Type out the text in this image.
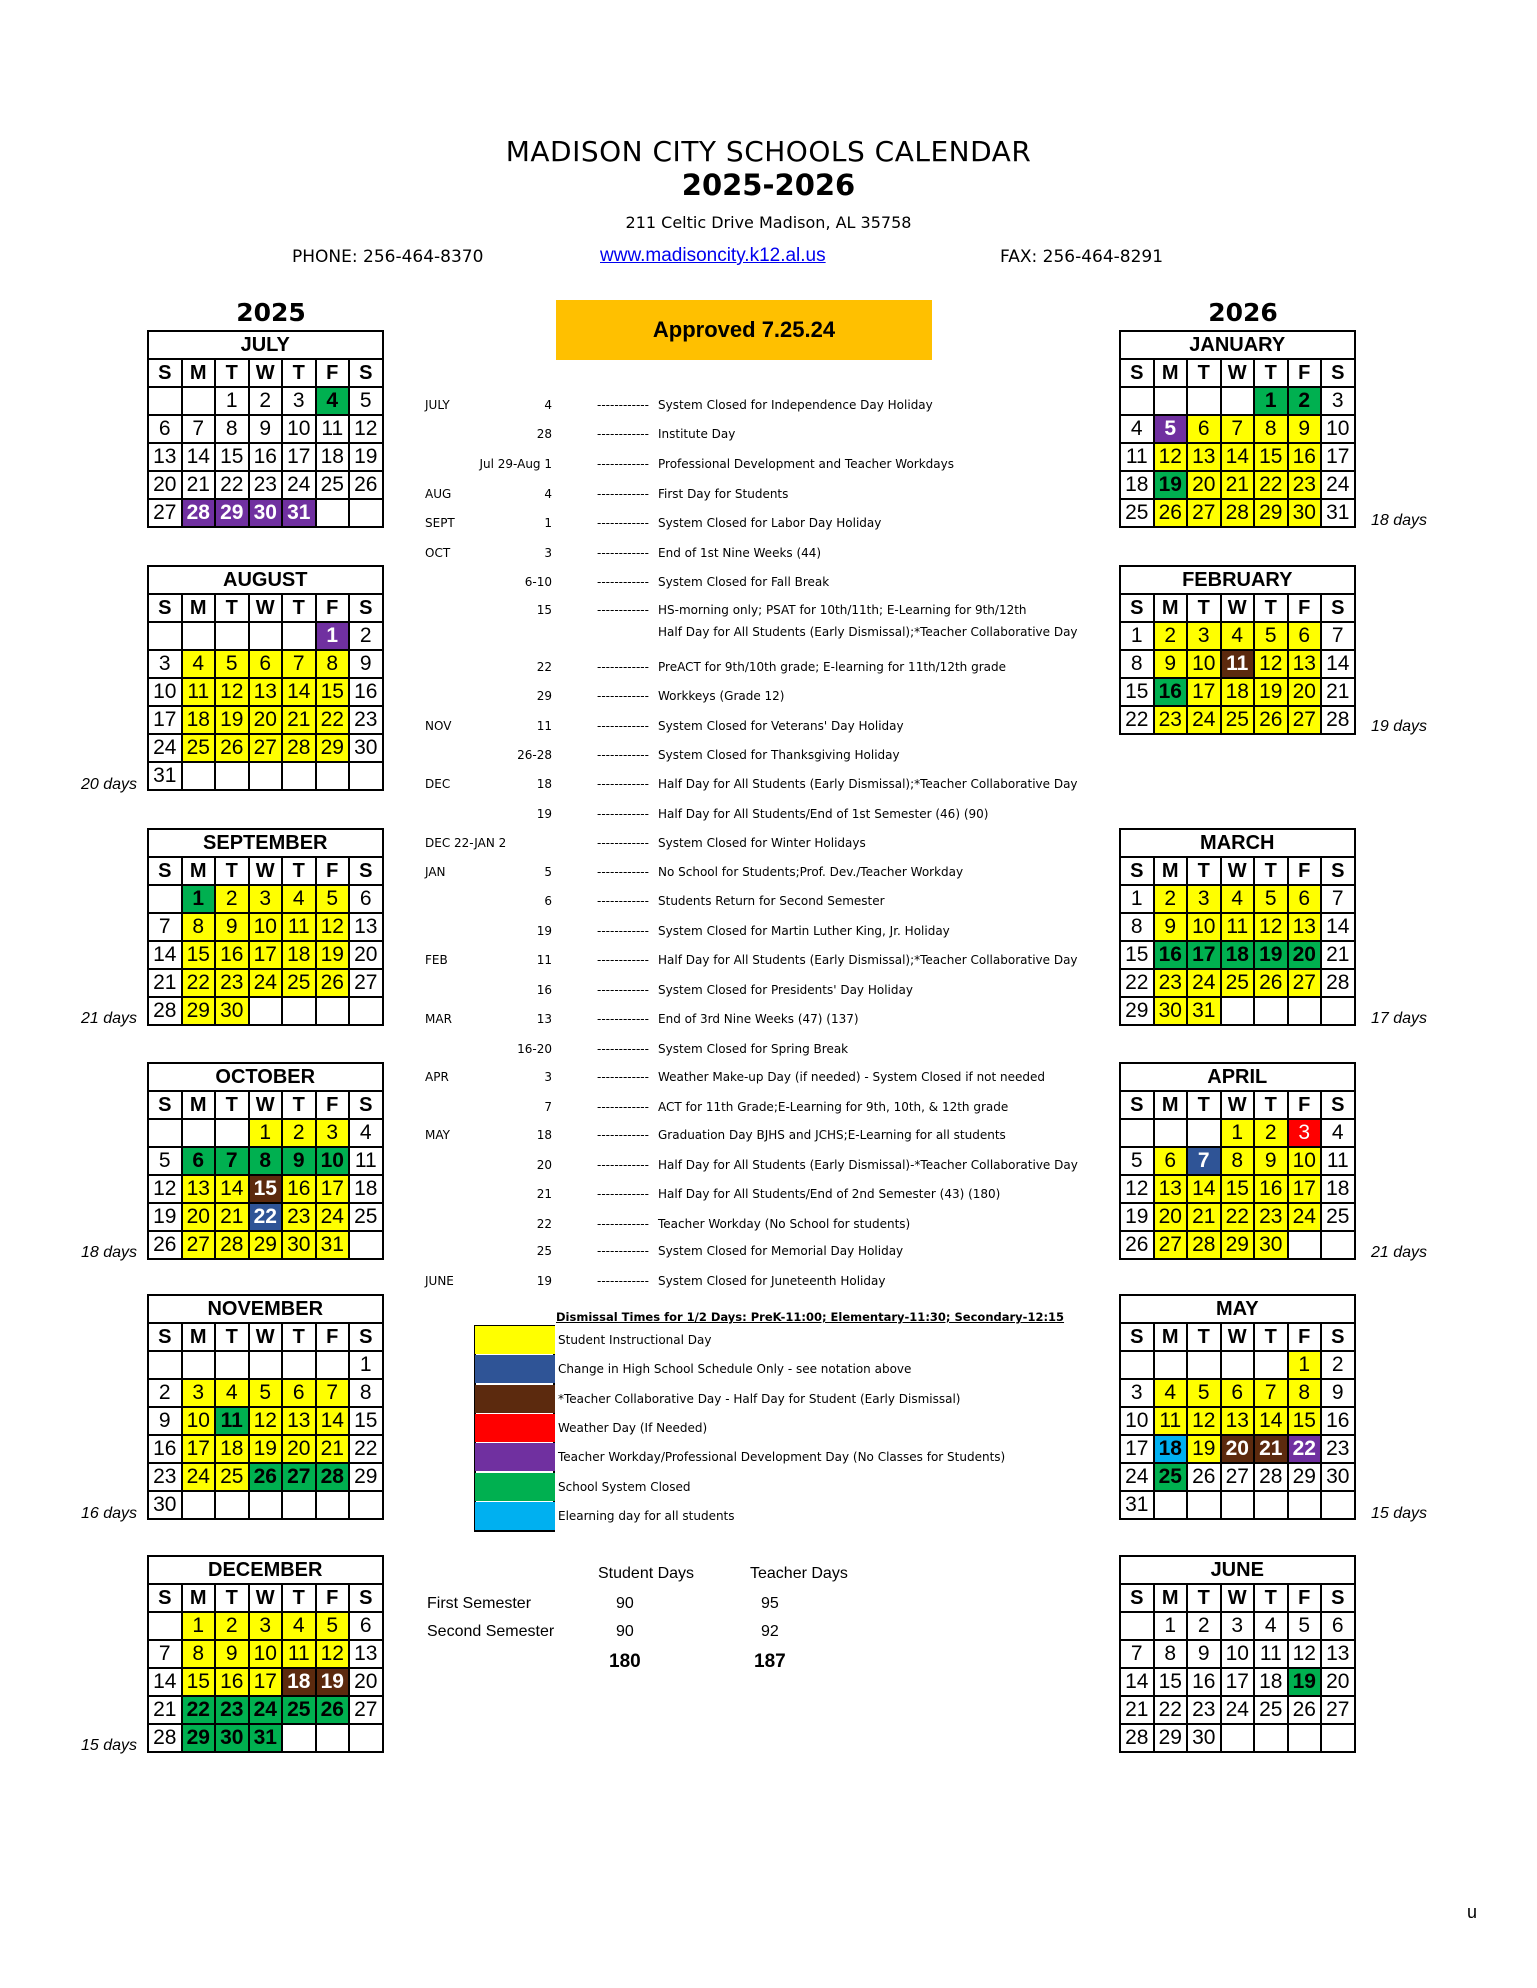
MADISON CITY SCHOOLS CALENDAR
2025-2026
211 Celtic Drive Madison, AL 35758
PHONE: 256-464-8370	www.madisoncity.k12.al.us	FAX: 256-464-8291
2025	2026
Approved 7.25.24
JULY						
S	M	T	W	T	F	S
		1	2	3	4	5
6	7	8	9	10	11	12
13	14	15	16	17	18	19
20	21	22	23	24	25	26
27	28	29	30	31		
AUGUST						
S	M	T	W	T	F	S
					1	2
3	4	5	6	7	8	9
10	11	12	13	14	15	16
17	18	19	20	21	22	23
24	25	26	27	28	29	30
31						
20 days
SEPTEMBER						
S	M	T	W	T	F	S
	1	2	3	4	5	6
7	8	9	10	11	12	13
14	15	16	17	18	19	20
21	22	23	24	25	26	27
28	29	30				
21 days
OCTOBER						
S	M	T	W	T	F	S
			1	2	3	4
5	6	7	8	9	10	11
12	13	14	15	16	17	18
19	20	21	22	23	24	25
26	27	28	29	30	31	
18 days
NOVEMBER						
S	M	T	W	T	F	S
						1
2	3	4	5	6	7	8
9	10	11	12	13	14	15
16	17	18	19	20	21	22
23	24	25	26	27	28	29
30						
16 days
DECEMBER						
S	M	T	W	T	F	S
	1	2	3	4	5	6
7	8	9	10	11	12	13
14	15	16	17	18	19	20
21	22	23	24	25	26	27
28	29	30	31			
15 days
JANUARY						
S	M	T	W	T	F	S
				1	2	3
4	5	6	7	8	9	10
11	12	13	14	15	16	17
18	19	20	21	22	23	24
25	26	27	28	29	30	31 18 days
FEBRUARY						
S	M	T	W	T	F	S
1	2	3	4	5	6	7
8	9	10	11	12	13	14
15	16	17	18	19	20	21
22	23	24	25	26	27	28 19 days
MARCH						
S	M	T	W	T	F	S
1	2	3	4	5	6	7
8	9	10	11	12	13	14
15	16	17	18	19	20	21
22	23	24	25	26	27	28
29	30	31					17 days
APRIL						
S	M	T	W	T	F	S
			1	2	3	4
5	6	7	8	9	10	11
12	13	14	15	16	17	18
19	20	21	22	23	24	25
26	27	28	29	30			21 days
MAY						
S	M	T	W	T	F	S
					1	2
3	4	5	6	7	8	9
10	11	12	13	14	15	16
17	18	19	20	21	22	23
24	25	26	27	28	29	30
31							15 days
JUNE						
S	M	T	W	T	F	S
	1	2	3	4	5	6
7	8	9	10	11	12	13
14	15	16	17	18	19	20
21	22	23	24	25	26	27
28	29	30				
JULY	4	------------ System Closed for Independence Day Holiday
28	------------ Institute Day
Jul 29-Aug 1	------------ Professional Development and Teacher Workdays
AUG	4	------------ First Day for Students
SEPT	1	------------ System Closed for Labor Day Holiday
OCT	3	------------ End of 1st Nine Weeks (44)
6-10	------------ System Closed for Fall Break
15	------------ HS-morning only; PSAT for 10th/11th; E-Learning for 9th/12th
Half Day for All Students (Early Dismissal);*Teacher Collaborative Day
22	------------ PreACT for 9th/10th grade; E-learning for 11th/12th grade
29	------------ Workkeys (Grade 12)
NOV	11	------------ System Closed for Veterans' Day Holiday
26-28	------------ System Closed for Thanksgiving Holiday
DEC	18	------------ Half Day for All Students (Early Dismissal);*Teacher Collaborative Day
19	------------ Half Day for All Students/End of 1st Semester (46) (90)
DEC 22-JAN 2	------------ System Closed for Winter Holidays
JAN	5	------------ No School for Students;Prof. Dev./Teacher Workday
6	------------ Students Return for Second Semester
19	------------ System Closed for Martin Luther King, Jr. Holiday
FEB	11	------------ Half Day for All Students (Early Dismissal);*Teacher Collaborative Day
16	------------ System Closed for Presidents' Day Holiday
MAR	13	------------ End of 3rd Nine Weeks (47) (137)
16-20	------------ System Closed for Spring Break
APR	3	------------ Weather Make-up Day (if needed) - System Closed if not needed
7	------------ ACT for 11th Grade;E-Learning for 9th, 10th, & 12th grade
MAY	18	------------ Graduation Day BJHS and JCHS;E-Learning for all students
20	------------ Half Day for All Students (Early Dismissal)-*Teacher Collaborative Day
21	------------ Half Day for All Students/End of 2nd Semester (43) (180)
22	------------ Teacher Workday (No School for students)
25	------------ System Closed for Memorial Day Holiday
JUNE	19	------------ System Closed for Juneteenth Holiday
Dismissal Times for 1/2 Days: PreK-11:00; Elementary-11:30; Secondary-12:15
Student Instructional Day
Change in High School Schedule Only - see notation above
*Teacher Collaborative Day - Half Day for Student (Early Dismissal)
Weather Day (If Needed)
Teacher Workday/Professional Development Day (No Classes for Students)
School System Closed
Elearning day for all students
Student Days	Teacher Days
First Semester	90	95
Second Semester	90	92
180	187
u
